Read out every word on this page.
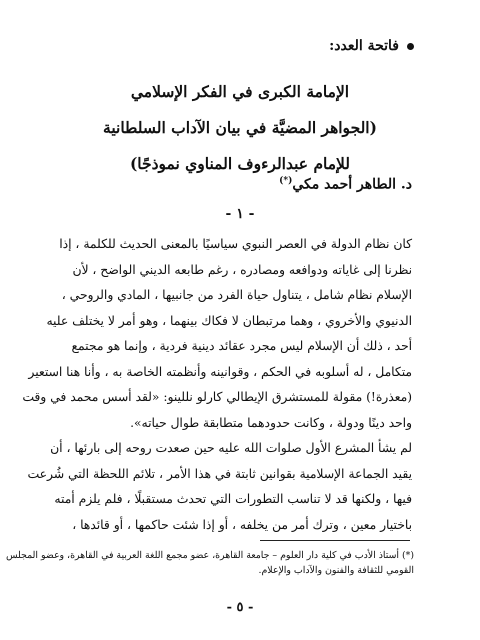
فاتحة العدد:
الإمامة الكبرى في الفكر الإسلامي
(الجواهر المضيَّة في بيان الآداب السلطانية
للإمام عبدالرءوف المناوي نموذجًا)
د. الطاهر أحمد مكي(*)
- ١ -
كان نظام الدولة في العصر النبوي سياسيًا بالمعنى الحديث للكلمة ، إذا
نظرنا إلى غاياته ودوافعه ومصادره ، رغم طابعه الديني الواضح ، لأن
الإسلام نظام شامل ، يتناول حياة الفرد من جانبيها ، المادي والروحي ،
الدنيوي والأخروي ، وهما مرتبطان لا فكاك بينهما ، وهو أمر لا يختلف عليه
أحد ، ذلك أن الإسلام ليس مجرد عقائد دينية فردية ، وإنما هو مجتمع
متكامل ، له أسلوبه في الحكم ، وقوانينه وأنظمته الخاصة به ، وأنا هنا استعير
(معذرة!) مقولة للمستشرق الإيطالي كارلو نللينو: «لقد أسس محمد في وقت
واحد دينًا ودولة ، وكانت حدودهما متطابقة طوال حياته».
لم يشأ المشرع الأول صلوات الله عليه حين صعدت روحه إلى بارئها ، أن
يقيد الجماعة الإسلامية بقوانين ثابتة في هذا الأمر ، تلائم اللحظة التي شُرعت
فيها ، ولكنها قد لا تناسب التطورات التي تحدث مستقبلًا ، فلم يلزم أمته
باختيار معين ، وترك أمر من يخلفه ، أو إذا شئت حاكمها ، أو قائدها ،
(*) أستاذ الأدب في كلية دار العلوم – جامعة القاهرة، عضو مجمع اللغة العربية في القاهرة، وعضو المجلس
القومي للثقافة والفنون والآداب والإعلام.
- ٥ -
